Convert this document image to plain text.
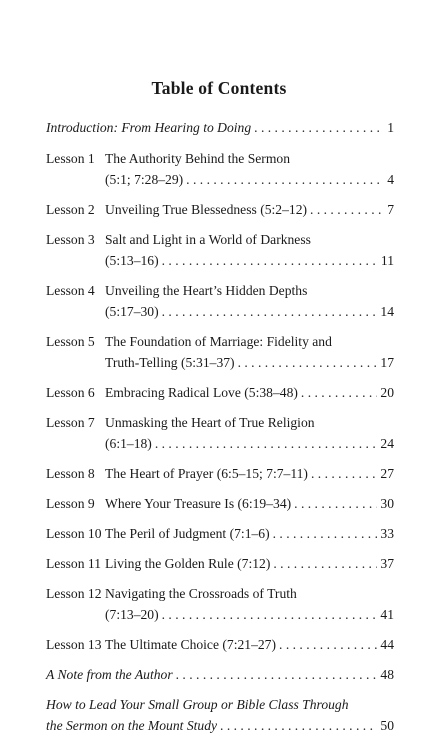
Table of Contents
Introduction: From Hearing to Doing . . .	1
Lesson 1 The Authority Behind the Sermon
(5:1; 7:28–29) . . .	4
Lesson 2 Unveiling True Blessedness (5:2–12) . . .	7
Lesson 3 Salt and Light in a World of Darkness
(5:13–16) . . .	11
Lesson 4 Unveiling the Heart’s Hidden Depths
(5:17–30) . . .	14
Lesson 5 The Foundation of Marriage: Fidelity and
Truth-Telling (5:31–37) . . .	17
Lesson 6 Embracing Radical Love (5:38–48) . . .	20
Lesson 7 Unmasking the Heart of True Religion
(6:1–18) . . .	24
Lesson 8 The Heart of Prayer (6:5–15; 7:7–11) . . .	27
Lesson 9 Where Your Treasure Is (6:19–34) . . .	30
Lesson 10 The Peril of Judgment (7:1–6) . . .	33
Lesson 11 Living the Golden Rule (7:12) . . .	37
Lesson 12 Navigating the Crossroads of Truth
(7:13–20) . . .	41
Lesson 13 The Ultimate Choice (7:21–27) . . .	44
A Note from the Author . . .	48
How to Lead Your Small Group or Bible Class Through
the Sermon on the Mount Study . . .	50
